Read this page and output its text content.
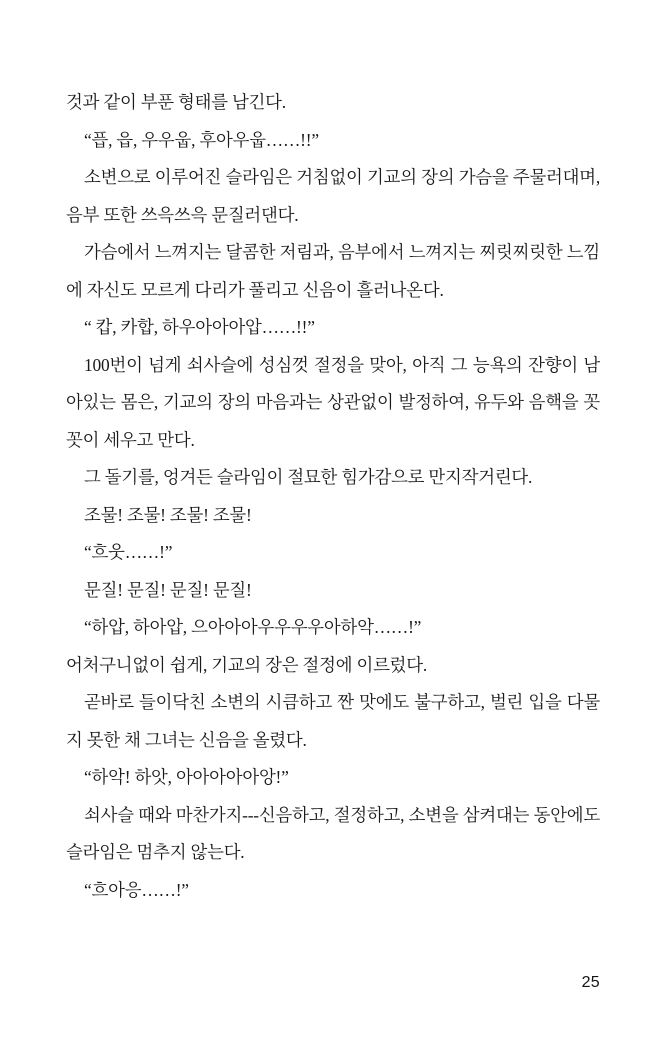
것과 같이 부푼 형태를 남긴다.

“픕, 읍, 우우웁, 후아우웁……!!”

소변으로 이루어진 슬라임은 거침없이 기교의 장의 가슴을 주물러대며, 음부 또한 쓰윽쓰윽 문질러댄다.

가슴에서 느껴지는 달콤한 저림과, 음부에서 느껴지는 찌릿찌릿한 느낌에 자신도 모르게 다리가 풀리고 신음이 흘러나온다.

“ 캅, 카합, 하우아아아압……!!”

100번이 넘게 쇠사슬에 성심껏 절정을 맞아, 아직 그 능욕의 잔향이 남아있는 몸은, 기교의 장의 마음과는 상관없이 발정하여, 유두와 음핵을 꼿꼿이 세우고 만다.

그 돌기를, 엉겨든 슬라임이 절묘한 힘가감으로 만지작거린다.

조물! 조물! 조물! 조물!

“흐웃……!”

문질! 문질! 문질! 문질!

“하압, 하아압, 으아아아우우우우아하악……!”

어처구니없이 쉽게, 기교의 장은 절정에 이르렀다.

곧바로 들이닥친 소변의 시큼하고 짠 맛에도 불구하고, 벌린 입을 다물지 못한 채 그녀는 신음을 올렸다.

“하악! 하앗, 아아아아아앙!”

쇠사슬 때와 마찬가지---신음하고, 절정하고, 소변을 삼켜대는 동안에도 슬라임은 멈추지 않는다.

“흐아응……!”

25
